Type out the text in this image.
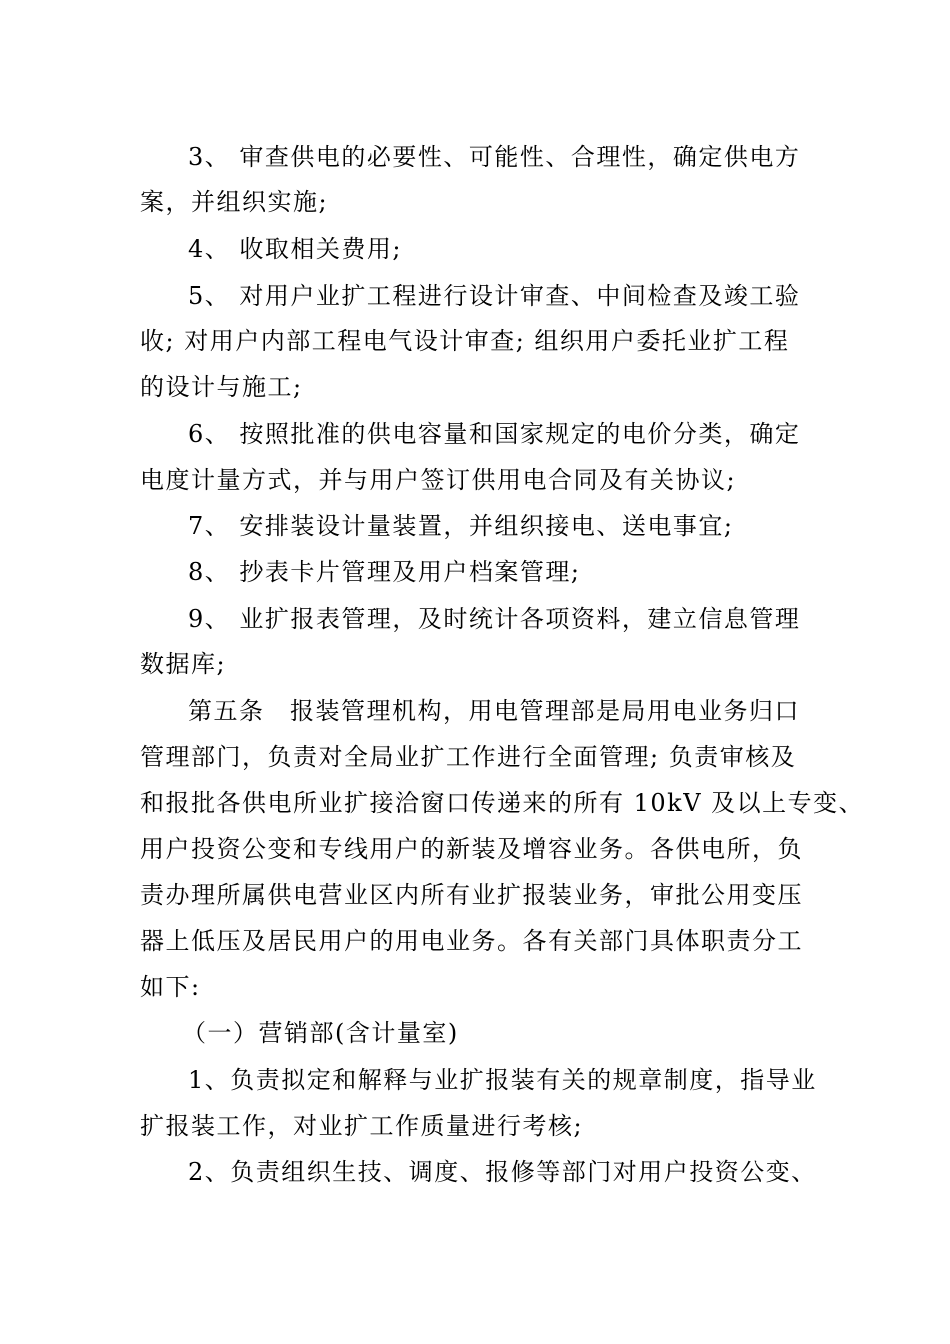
3、 审查供电的必要性、可能性、合理性，确定供电方
案，并组织实施;
4、 收取相关费用;
5、 对用户业扩工程进行设计审查、中间检查及竣工验
收; 对用户内部工程电气设计审查; 组织用户委托业扩工程
的设计与施工;
6、 按照批准的供电容量和国家规定的电价分类，确定
电度计量方式，并与用户签订供用电合同及有关协议;
7、 安排装设计量装置，并组织接电、送电事宜;
8、 抄表卡片管理及用户档案管理;
9、 业扩报表管理，及时统计各项资料，建立信息管理
数据库;
第五条　报装管理机构，用电管理部是局用电业务归口
管理部门，负责对全局业扩工作进行全面管理; 负责审核及
和报批各供电所业扩接洽窗口传递来的所有 10kV 及以上专变、
用户投资公变和专线用户的新装及增容业务。各供电所，负
责办理所属供电营业区内所有业扩报装业务，审批公用变压
器上低压及居民用户的用电业务。各有关部门具体职责分工
如下:
（一）营销部(含计量室)
1、负责拟定和解释与业扩报装有关的规章制度，指导业
扩报装工作，对业扩工作质量进行考核;
2、负责组织生技、调度、报修等部门对用户投资公变、
